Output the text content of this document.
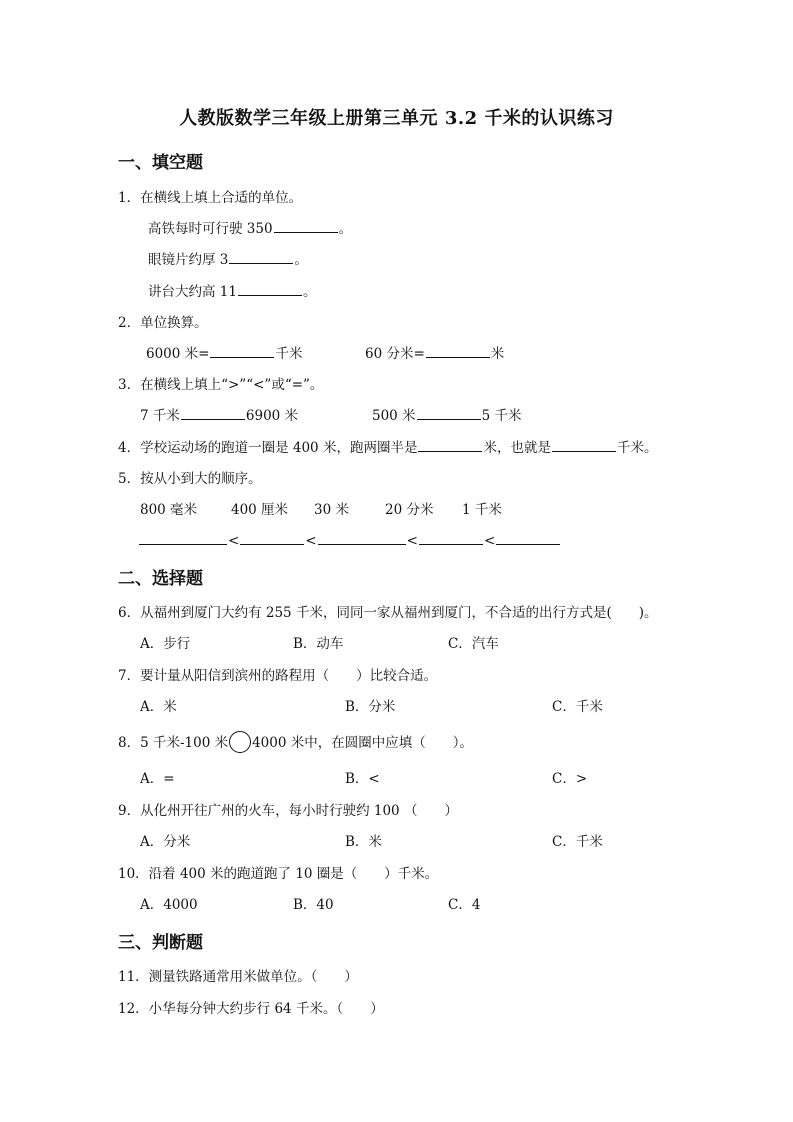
人教版数学三年级上册第三单元 3.2 千米的认识练习
一、填空题
1．在横线上填上合适的单位。
高铁每时可行驶 350	。
眼镜片约厚 3	。
讲台大约高 11	。
2．单位换算。
6000 米=	千米	60 分米=	米
3．在横线上填上“>”“<”或“=”。
7 千米	6900 米	500 米	5 千米
4．学校运动场的跑道一圈是 400 米，跑两圈半是	米，也就是	千米。
5．按从小到大的顺序。
800 毫米	400 厘米 30 米	20 分米 1 千米
<	<	<	<
二、选择题
6．从福州到厦门大约有 255 千米，同同一家从福州到厦门，不合适的出行方式是(　　)。
A．步行	B．动车	C．汽车
7．要计量从阳信到滨州的路程用（　　）比较合适。
A．米	B．分米	C．千米
8．5 千米-100 米 4000 米中，在圆圈中应填（　　）。
A．=	B．<	C．>
9．从化州开往广州的火车，每小时行驶约 100 （　　）
A．分米	B．米	C．千米
10．沿着 400 米的跑道跑了 10 圈是（　　）千米。
A．4000	B．40	C．4
三、判断题
11．测量铁路通常用米做单位。（　　）
12．小华每分钟大约步行 64 千米。（　　）
